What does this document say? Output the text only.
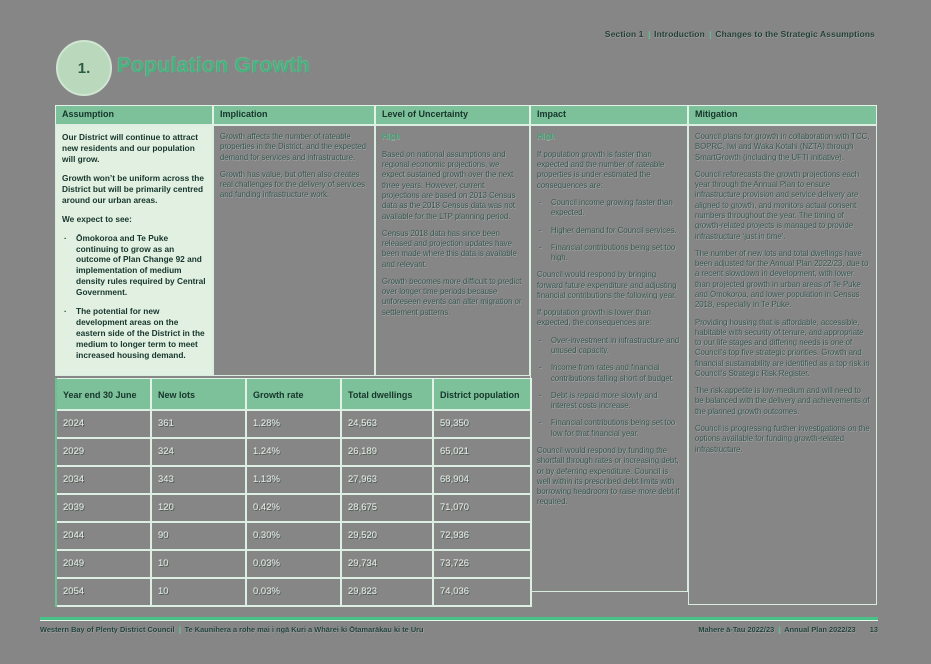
Section 1 | Introduction | Changes to the Strategic Assumptions
1.	Population Growth
Assumption
Our District will continue to attract new residents and our population will grow.
Growth won’t be uniform across the District but will be primarily centred around our urban areas.
We expect to see:
·	Ōmokoroa and Te Puke continuing to grow as an outcome of Plan Change 92 and implementation of medium density rules required by Central Government.
·	The potential for new development areas on the eastern side of the District in the medium to longer term to meet increased housing demand.
Implication
Growth affects the number of rateable properties in the District, and the expected demand for services and infrastructure.
Growth has value, but often also creates real challenges for the delivery of services and funding infrastructure work.
Level of Uncertainty
High
Based on national assumptions and regional economic projections, we expect sustained growth over the next three years. However, current projections are based on 2013 Census data as the 2018 Census data was not available for the LTP planning period.
Census 2018 data has since been released and projection updates have been made where this data is available and relevant.
Growth becomes more difficult to predict over longer time periods because unforeseen events can alter migration or settlement patterns.
Impact
High
If population growth is faster than expected and the number of rateable properties is under estimated the consequences are:
-	Council income growing faster than expected.
-	Higher demand for Council services.
-	Financial contributions being set too high.
Council would respond by bringing forward future expenditure and adjusting financial contributions the following year.
If population growth is lower than expected, the consequences are:
-	Over-investment in infrastructure and unused capacity.
-	Income from rates and financial contributions falling short of budget.
-	Debt is repaid more slowly and interest costs increase.
-	Financial contributions being set too low for that financial year.
Council would respond by funding the shortfall through rates or increasing debt, or by deferring expenditure. Council is well within its prescribed debt limits with borrowing headroom to raise more debt if required.
Mitigation
Council plans for growth in collaboration with TCC, BOPRC, Iwi and Waka Kotahi (NZTA) through SmartGrowth (including the UFTI initiative).
Council reforecasts the growth projections each year through the Annual Plan to ensure infrastructure provision and service delivery are aligned to growth, and monitors actual consent numbers throughout the year. The timing of growth-related projects is managed to provide infrastructure ‘just in time’.
The number of new lots and total dwellings have been adjusted for the Annual Plan 2022/23, due to a recent slowdown in development, with lower than projected growth in urban areas of Te Puke and Ōmokoroa, and lower population in Census 2018, especially in Te Puke.
Providing housing that is affordable, accessible, habitable with security of tenure, and appropriate to our life stages and differing needs is one of Council’s top five strategic priorities. Growth and financial sustainability are identified as a top risk in Council’s Strategic Risk Register.
The risk appetite is low-medium and will need to be balanced with the delivery and achievements of the planned growth outcomes.
Council is progressing further investigations on the options available for funding growth-related infrastructure.
Year end 30 June	New lots	Growth rate	Total dwellings	District population
2024	361	1.28%	24,563	59,350
2029	324	1.24%	26,189	65,021
2034	343	1.13%	27,963	68,904
2039	120	0.42%	28,675	71,070
2044	90	0.30%	29,520	72,936
2049	10	0.03%	29,734	73,726
2054	10	0.03%	29,823	74,036
Western Bay of Plenty District Council | Te Kaunihera a rohe mai i ngā Kuri a Whārei ki Ōtamarākau ki te Uru	Mahere ā-Tau 2022/23 | Annual Plan 2022/23 13
